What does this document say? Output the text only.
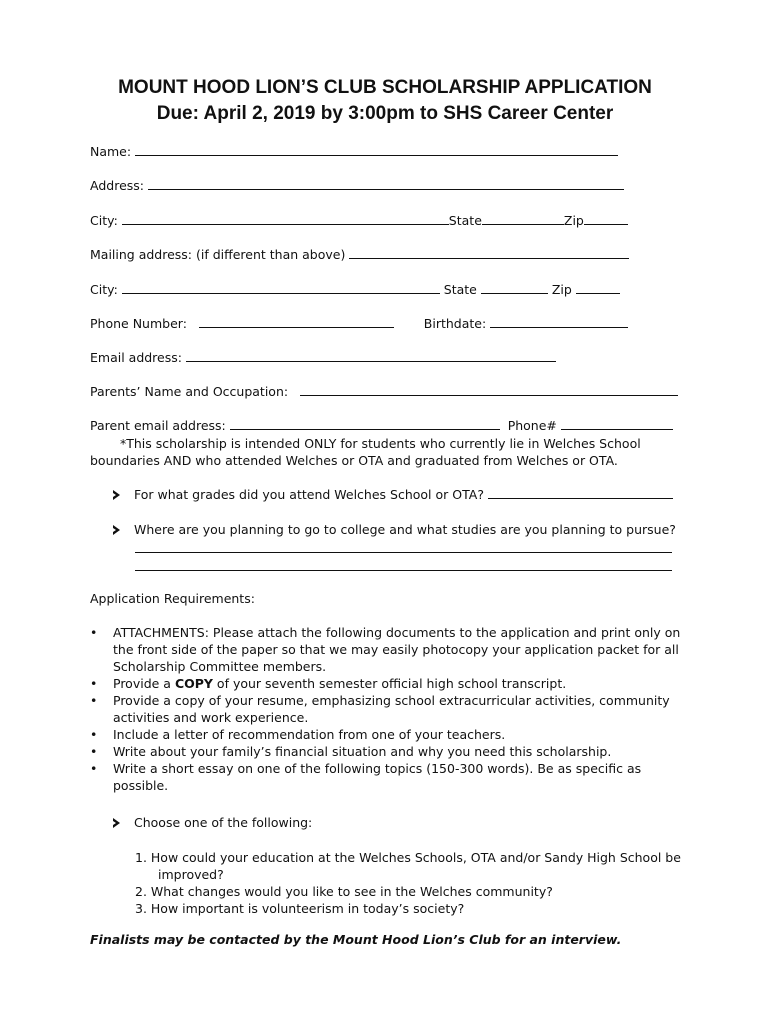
MOUNT HOOD LION’S CLUB SCHOLARSHIP APPLICATION
Due: April 2, 2019 by 3:00pm to SHS Career Center
Name:
Address:
City:	State	Zip
Mailing address: (if different than above)
City:	State	Zip
Phone Number:	Birthdate:
Email address:
Parents’ Name and Occupation:
Parent email address:	Phone#
*This scholarship is intended ONLY for students who currently lie in Welches School boundaries AND who attended Welches or OTA and graduated from Welches or OTA.
For what grades did you attend Welches School or OTA?
Where are you planning to go to college and what studies are you planning to pursue?
Application Requirements:
• ATTACHMENTS: Please attach the following documents to the application and print only on the front side of the paper so that we may easily photocopy your application packet for all Scholarship Committee members.
• Provide a COPY of your seventh semester official high school transcript.
• Provide a copy of your resume, emphasizing school extracurricular activities, community activities and work experience.
• Include a letter of recommendation from one of your teachers.
• Write about your family’s financial situation and why you need this scholarship.
• Write a short essay on one of the following topics (150-300 words). Be as specific as possible.
Choose one of the following:
1. How could your education at the Welches Schools, OTA and/or Sandy High School be improved?
2. What changes would you like to see in the Welches community?
3. How important is volunteerism in today’s society?
Finalists may be contacted by the Mount Hood Lion’s Club for an interview.
